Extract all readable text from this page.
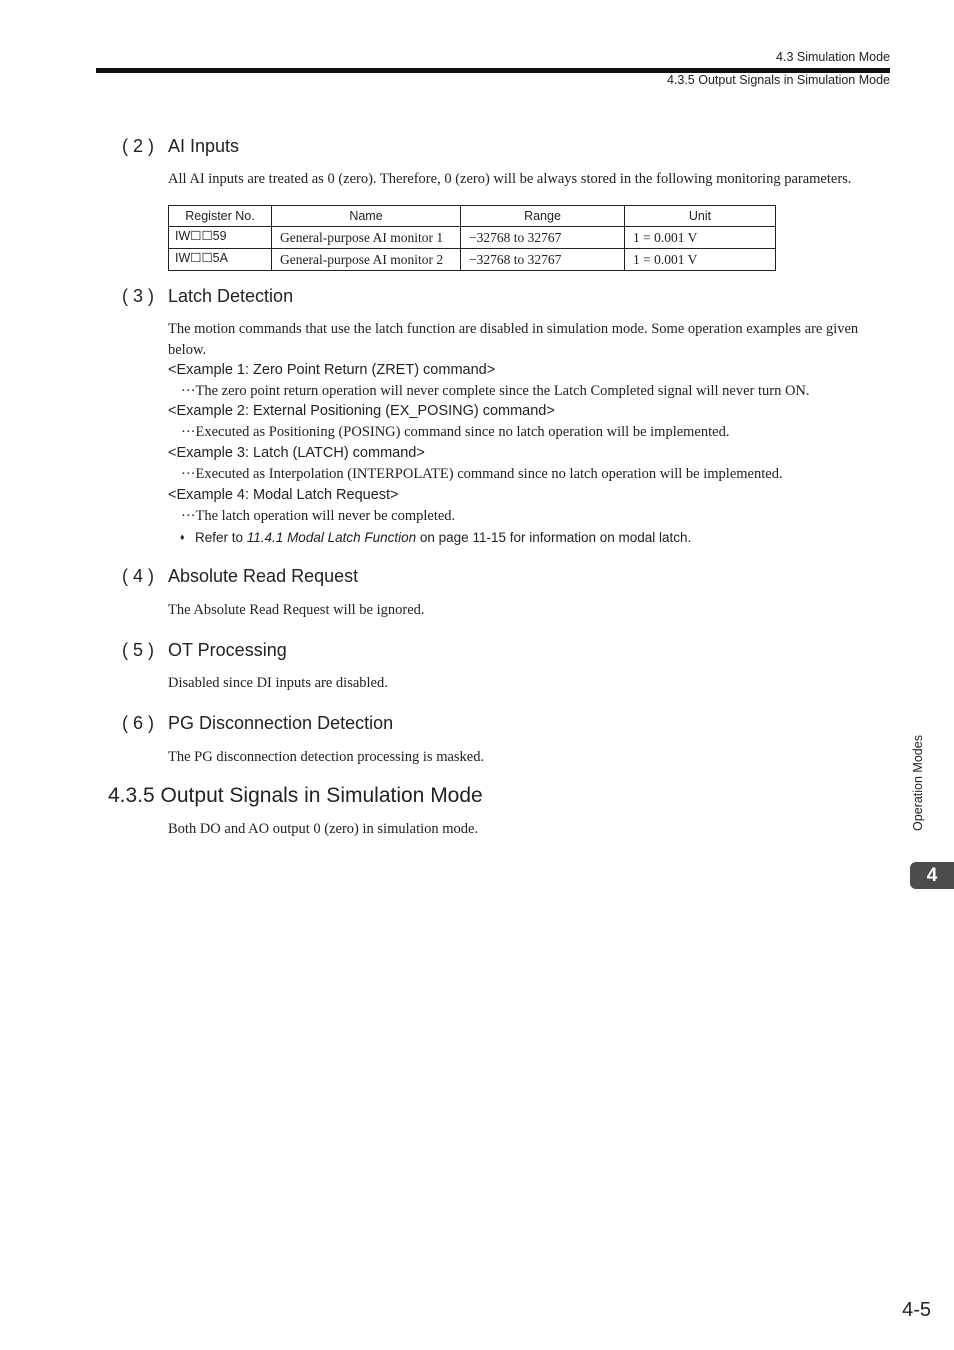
4.3 Simulation Mode
4.3.5 Output Signals in Simulation Mode
( 2 ) AI Inputs
All AI inputs are treated as 0 (zero). Therefore, 0 (zero) will be always stored in the following monitoring parameters.
Register No.	Name	Range	Unit
IW☐☐59	General-purpose AI monitor 1	−32768 to 32767	1 = 0.001 V
IW☐☐5A	General-purpose AI monitor 2	−32768 to 32767	1 = 0.001 V
( 3 ) Latch Detection
The motion commands that use the latch function are disabled in simulation mode. Some operation examples are given below.
<Example 1: Zero Point Return (ZRET) command>
···The zero point return operation will never complete since the Latch Completed signal will never turn ON.
<Example 2: External Positioning (EX_POSING) command>
···Executed as Positioning (POSING) command since no latch operation will be implemented.
<Example 3: Latch (LATCH) command>
···Executed as Interpolation (INTERPOLATE) command since no latch operation will be implemented.
<Example 4: Modal Latch Request>
···The latch operation will never be completed.
♦ Refer to 11.4.1 Modal Latch Function on page 11-15 for information on modal latch.
( 4 ) Absolute Read Request
The Absolute Read Request will be ignored.
( 5 ) OT Processing
Disabled since DI inputs are disabled.
( 6 ) PG Disconnection Detection
The PG disconnection detection processing is masked.
4.3.5 Output Signals in Simulation Mode
Both DO and AO output 0 (zero) in simulation mode.	Operation Modes
4
4-5
